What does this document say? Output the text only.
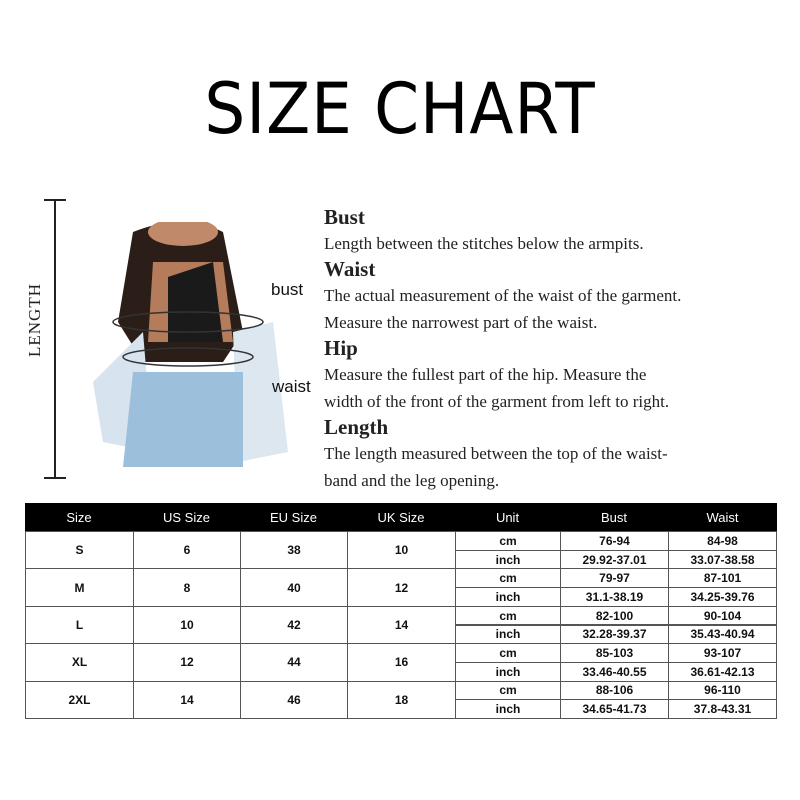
SIZE CHART
LENGTH	bust
waist
Bust

Length between the stitches below the armpits.

Waist

The actual measurement of the waist of the garment.

Measure the narrowest part of the waist.

Hip

Measure the fullest part of the hip. Measure the

width of the front of the garment from left to right.

Length

The length measured between the top of the waist-

band and the leg opening.

Size	US Size	EU Size	UK Size	Unit	Bust	Waist
S	6	38	10
cm	76-94	84-98
inch	29.92-37.01	33.07-38.58
M	8	40	12
cm	79-97	87-101
inch	31.1-38.19	34.25-39.76
L	10	42	14
cm	82-100	90-104
inch	32.28-39.37	35.43-40.94
XL	12	44	16
cm	85-103	93-107
inch	33.46-40.55	36.61-42.13
2XL	14	46	18
cm	88-106	96-110
inch	34.65-41.73	37.8-43.31
